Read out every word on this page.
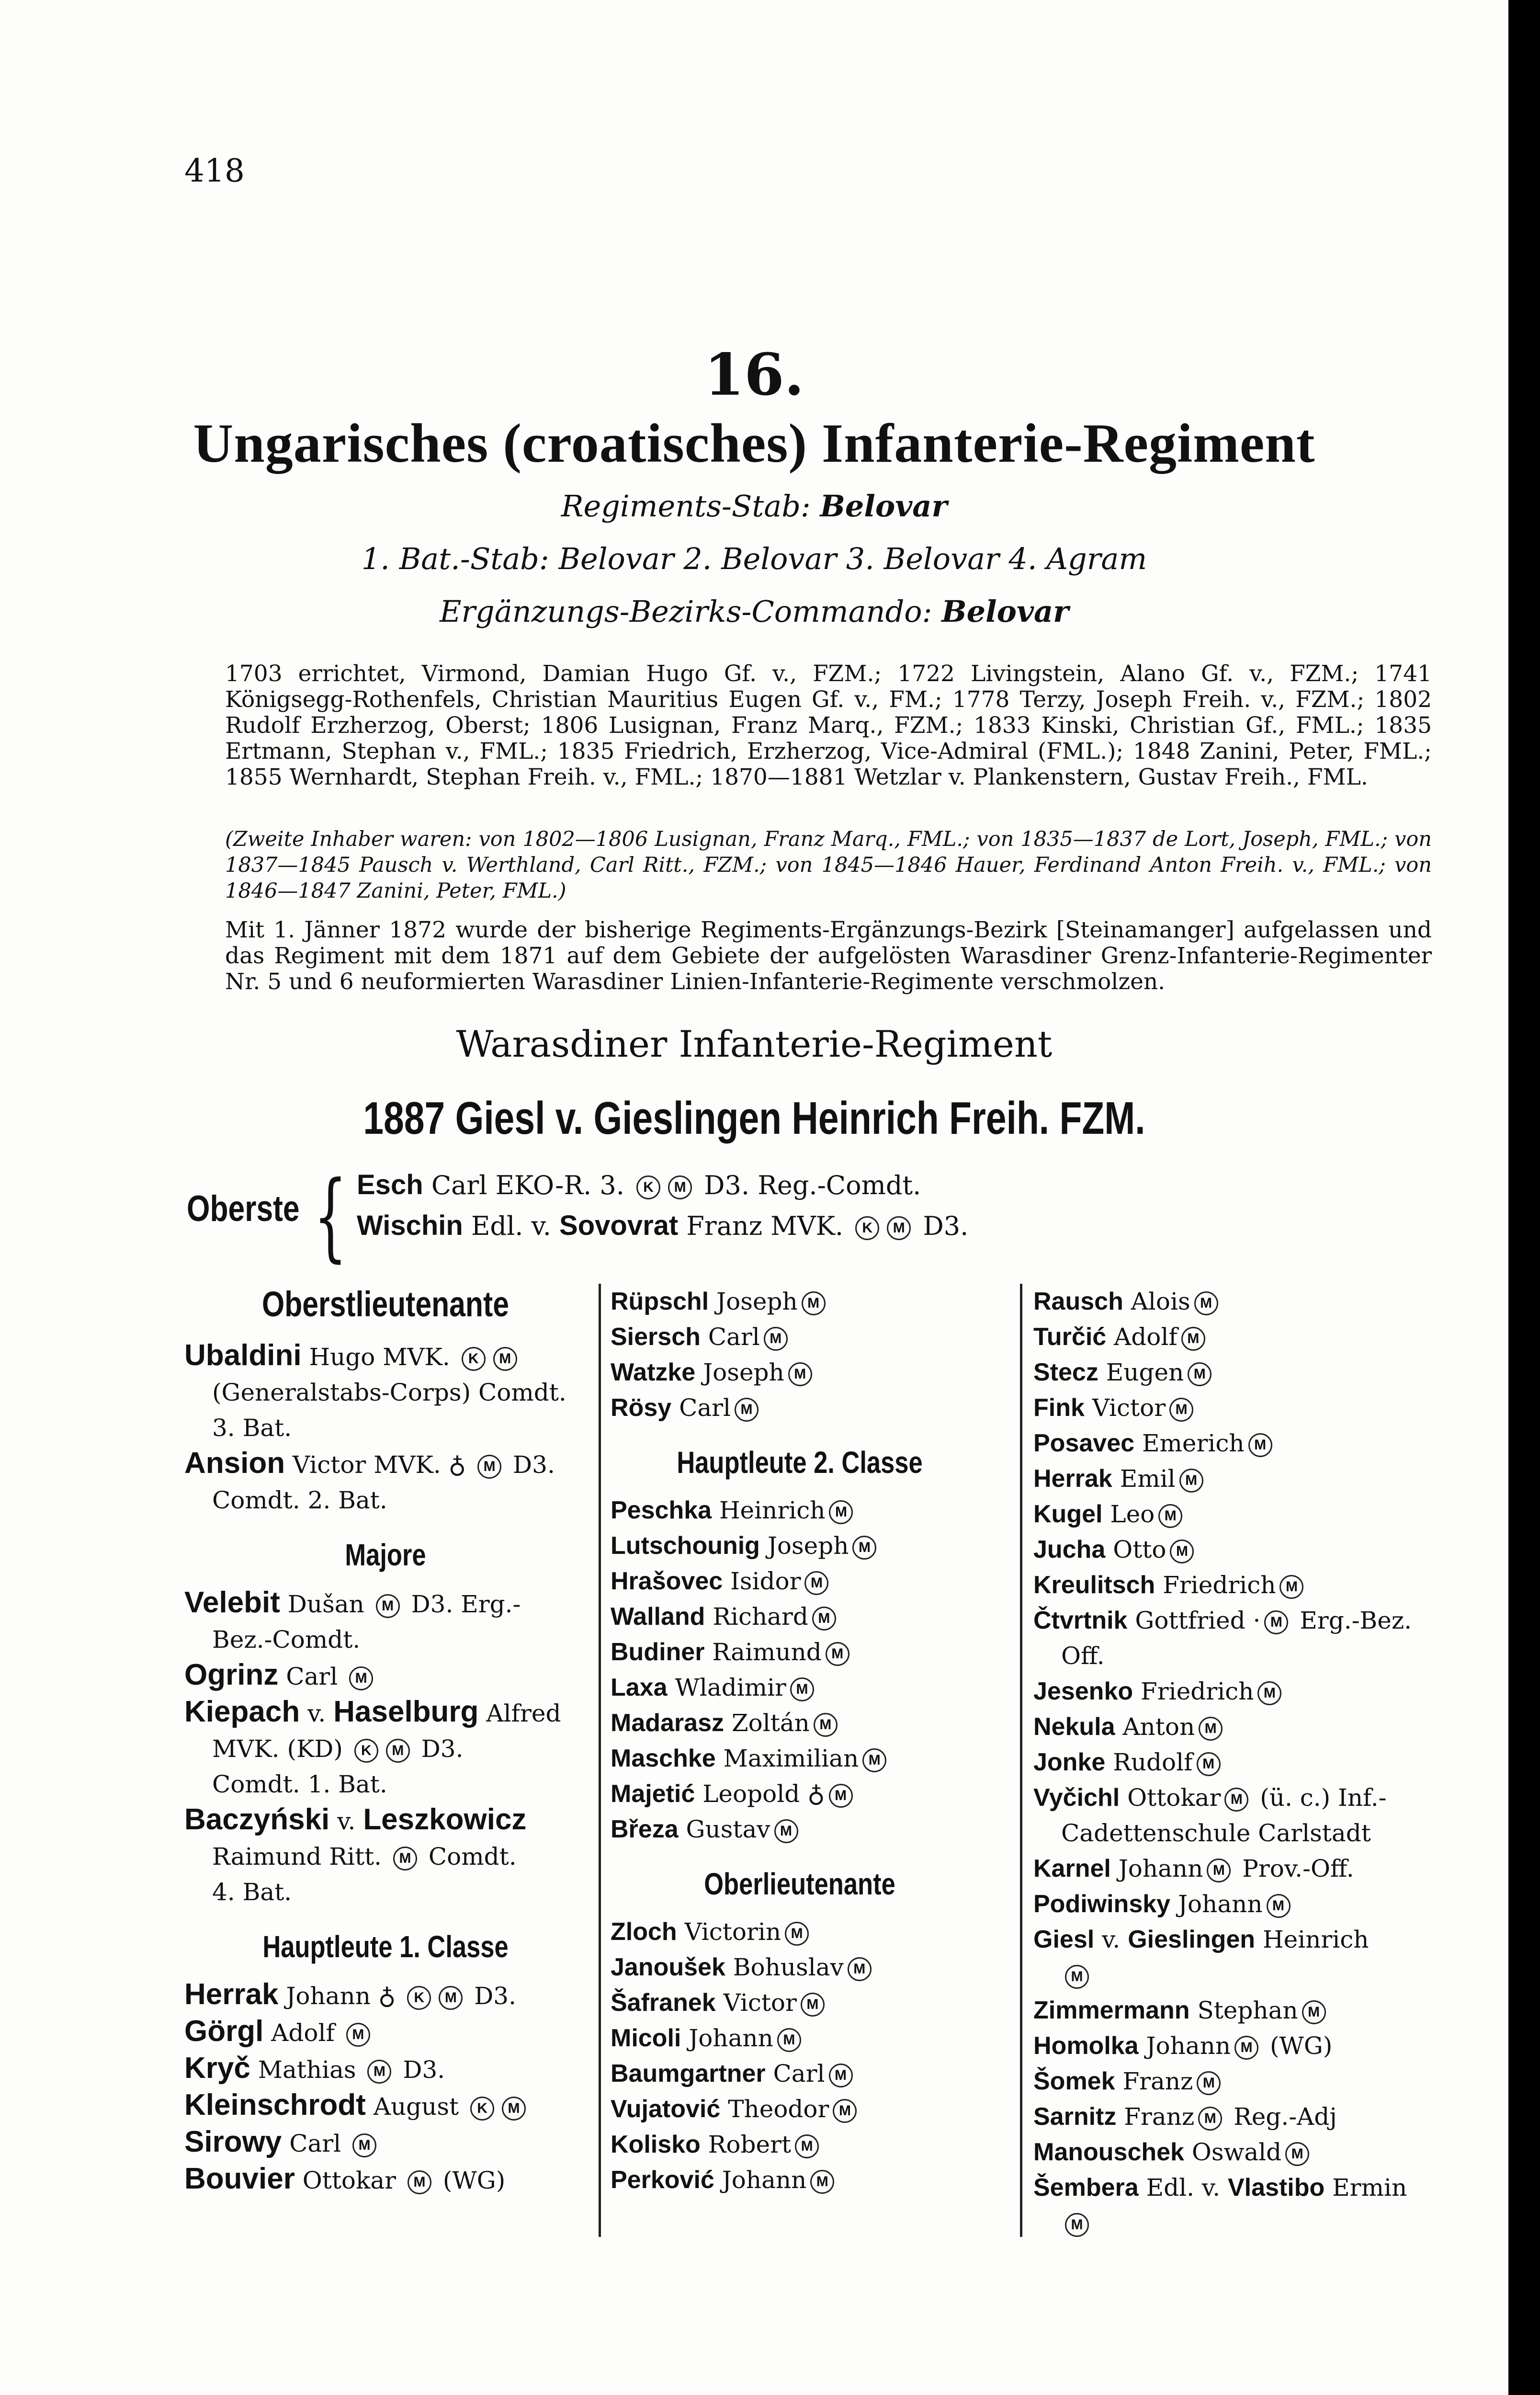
418
16.
Ungarisches (croatisches) Infanterie-Regiment
Regiments-Stab: Belovar
1. Bat.-Stab: Belovar 2. Belovar 3. Belovar 4. Agram
Ergänzungs-Bezirks-Commando: Belovar
1703 errichtet, Virmond, Damian Hugo Gf. v., FZM.; 1722 Livingstein, Alano Gf. v., FZM.; 1741 Königsegg-Rothenfels, Christian Mauritius Eugen Gf. v., FM.; 1778 Terzy, Joseph Freih. v., FZM.; 1802 Rudolf Erzherzog, Oberst; 1806 Lusignan, Franz Marq., FZM.; 1833 Kinski, Christian Gf., FML.; 1835 Ertmann, Stephan v., FML.; 1835 Friedrich, Erzherzog, Vice-Admiral (FML.); 1848 Zanini, Peter, FML.; 1855 Wernhardt, Stephan Freih. v., FML.; 1870—1881 Wetzlar v. Plankenstern, Gustav Freih., FML.
(Zweite Inhaber waren: von 1802—1806 Lusignan, Franz Marq., FML.; von 1835—1837 de Lort, Joseph, FML.; von 1837—1845 Pausch v. Werthland, Carl Ritt., FZM.; von 1845—1846 Hauer, Ferdinand Anton Freih. v., FML.; von 1846—1847 Zanini, Peter, FML.)
Mit 1. Jänner 1872 wurde der bisherige Regiments-Ergänzungs-Bezirk [Steinamanger] aufgelassen und das Regiment mit dem 1871 auf dem Gebiete der aufgelösten Warasdiner Grenz-Infanterie-Regimenter Nr. 5 und 6 neuformierten Warasdiner Linien-Infanterie-Regimente verschmolzen.
Warasdiner Infanterie-Regiment
1887 Giesl v. Gieslingen Heinrich Freih. FZM.
Oberste { Esch Carl EKO-R. 3. K M D3. Reg.-Comdt.
Wischin Edl. v. Sovovrat Franz MVK. K M D3.
Oberstlieutenante
Ubaldini Hugo MVK. K M
(Generalstabs-Corps) Comdt.
3. Bat.
Ansion Victor MVK. ♁ M D3.
Comdt. 2. Bat.
Majore
Velebit Dušan M D3. Erg.-
Bez.-Comdt.
Ogrinz Carl M
Kiepach v. Haselburg Alfred
MVK. (KD) K M D3.
Comdt. 1. Bat.
Baczyński v. Leszkowicz
Raimund Ritt. M Comdt.
4. Bat.
Hauptleute 1. Classe
Herrak Johann ♁ K M D3.
Görgl Adolf M
Kryč Mathias M D3.
Kleinschrodt August K M
Sirowy Carl M
Bouvier Ottokar M (WG)
Rüpschl Joseph M
Siersch Carl M
Watzke Joseph M
Rösy Carl M
Hauptleute 2. Classe
Peschka Heinrich M
Lutschounig Joseph M
Hrašovec Isidor M
Walland Richard M
Budiner Raimund M
Laxa Wladimir M
Madarasz Zoltán M
Maschke Maximilian M
Majetić Leopold ♁ M
Březa Gustav M
Oberlieutenante
Zloch Victorin M
Janoušek Bohuslav M
Šafranek Victor M
Micoli Johann M
Baumgartner Carl M
Vujatović Theodor M
Kolisko Robert M
Perković Johann M
Rausch Alois M
Turčić Adolf M
Stecz Eugen M
Fink Victor M
Posavec Emerich M
Herrak Emil M
Kugel Leo M
Jucha Otto M
Kreulitsch Friedrich M
Čtvrtnik Gottfried · M Erg.-Bez.
Off.
Jesenko Friedrich M
Nekula Anton M
Jonke Rudolf M
Vyčichl Ottokar M (ü. c.) Inf.-
Cadettenschule Carlstadt
Karnel Johann M Prov.-Off.
Podiwinsky Johann M
Giesl v. Gieslingen Heinrich
M
Zimmermann Stephan M
Homolka Johann M (WG)
Šomek Franz M
Sarnitz Franz M Reg.-Adj
Manouschek Oswald M
Šembera Edl. v. Vlastibo Ermin
M
